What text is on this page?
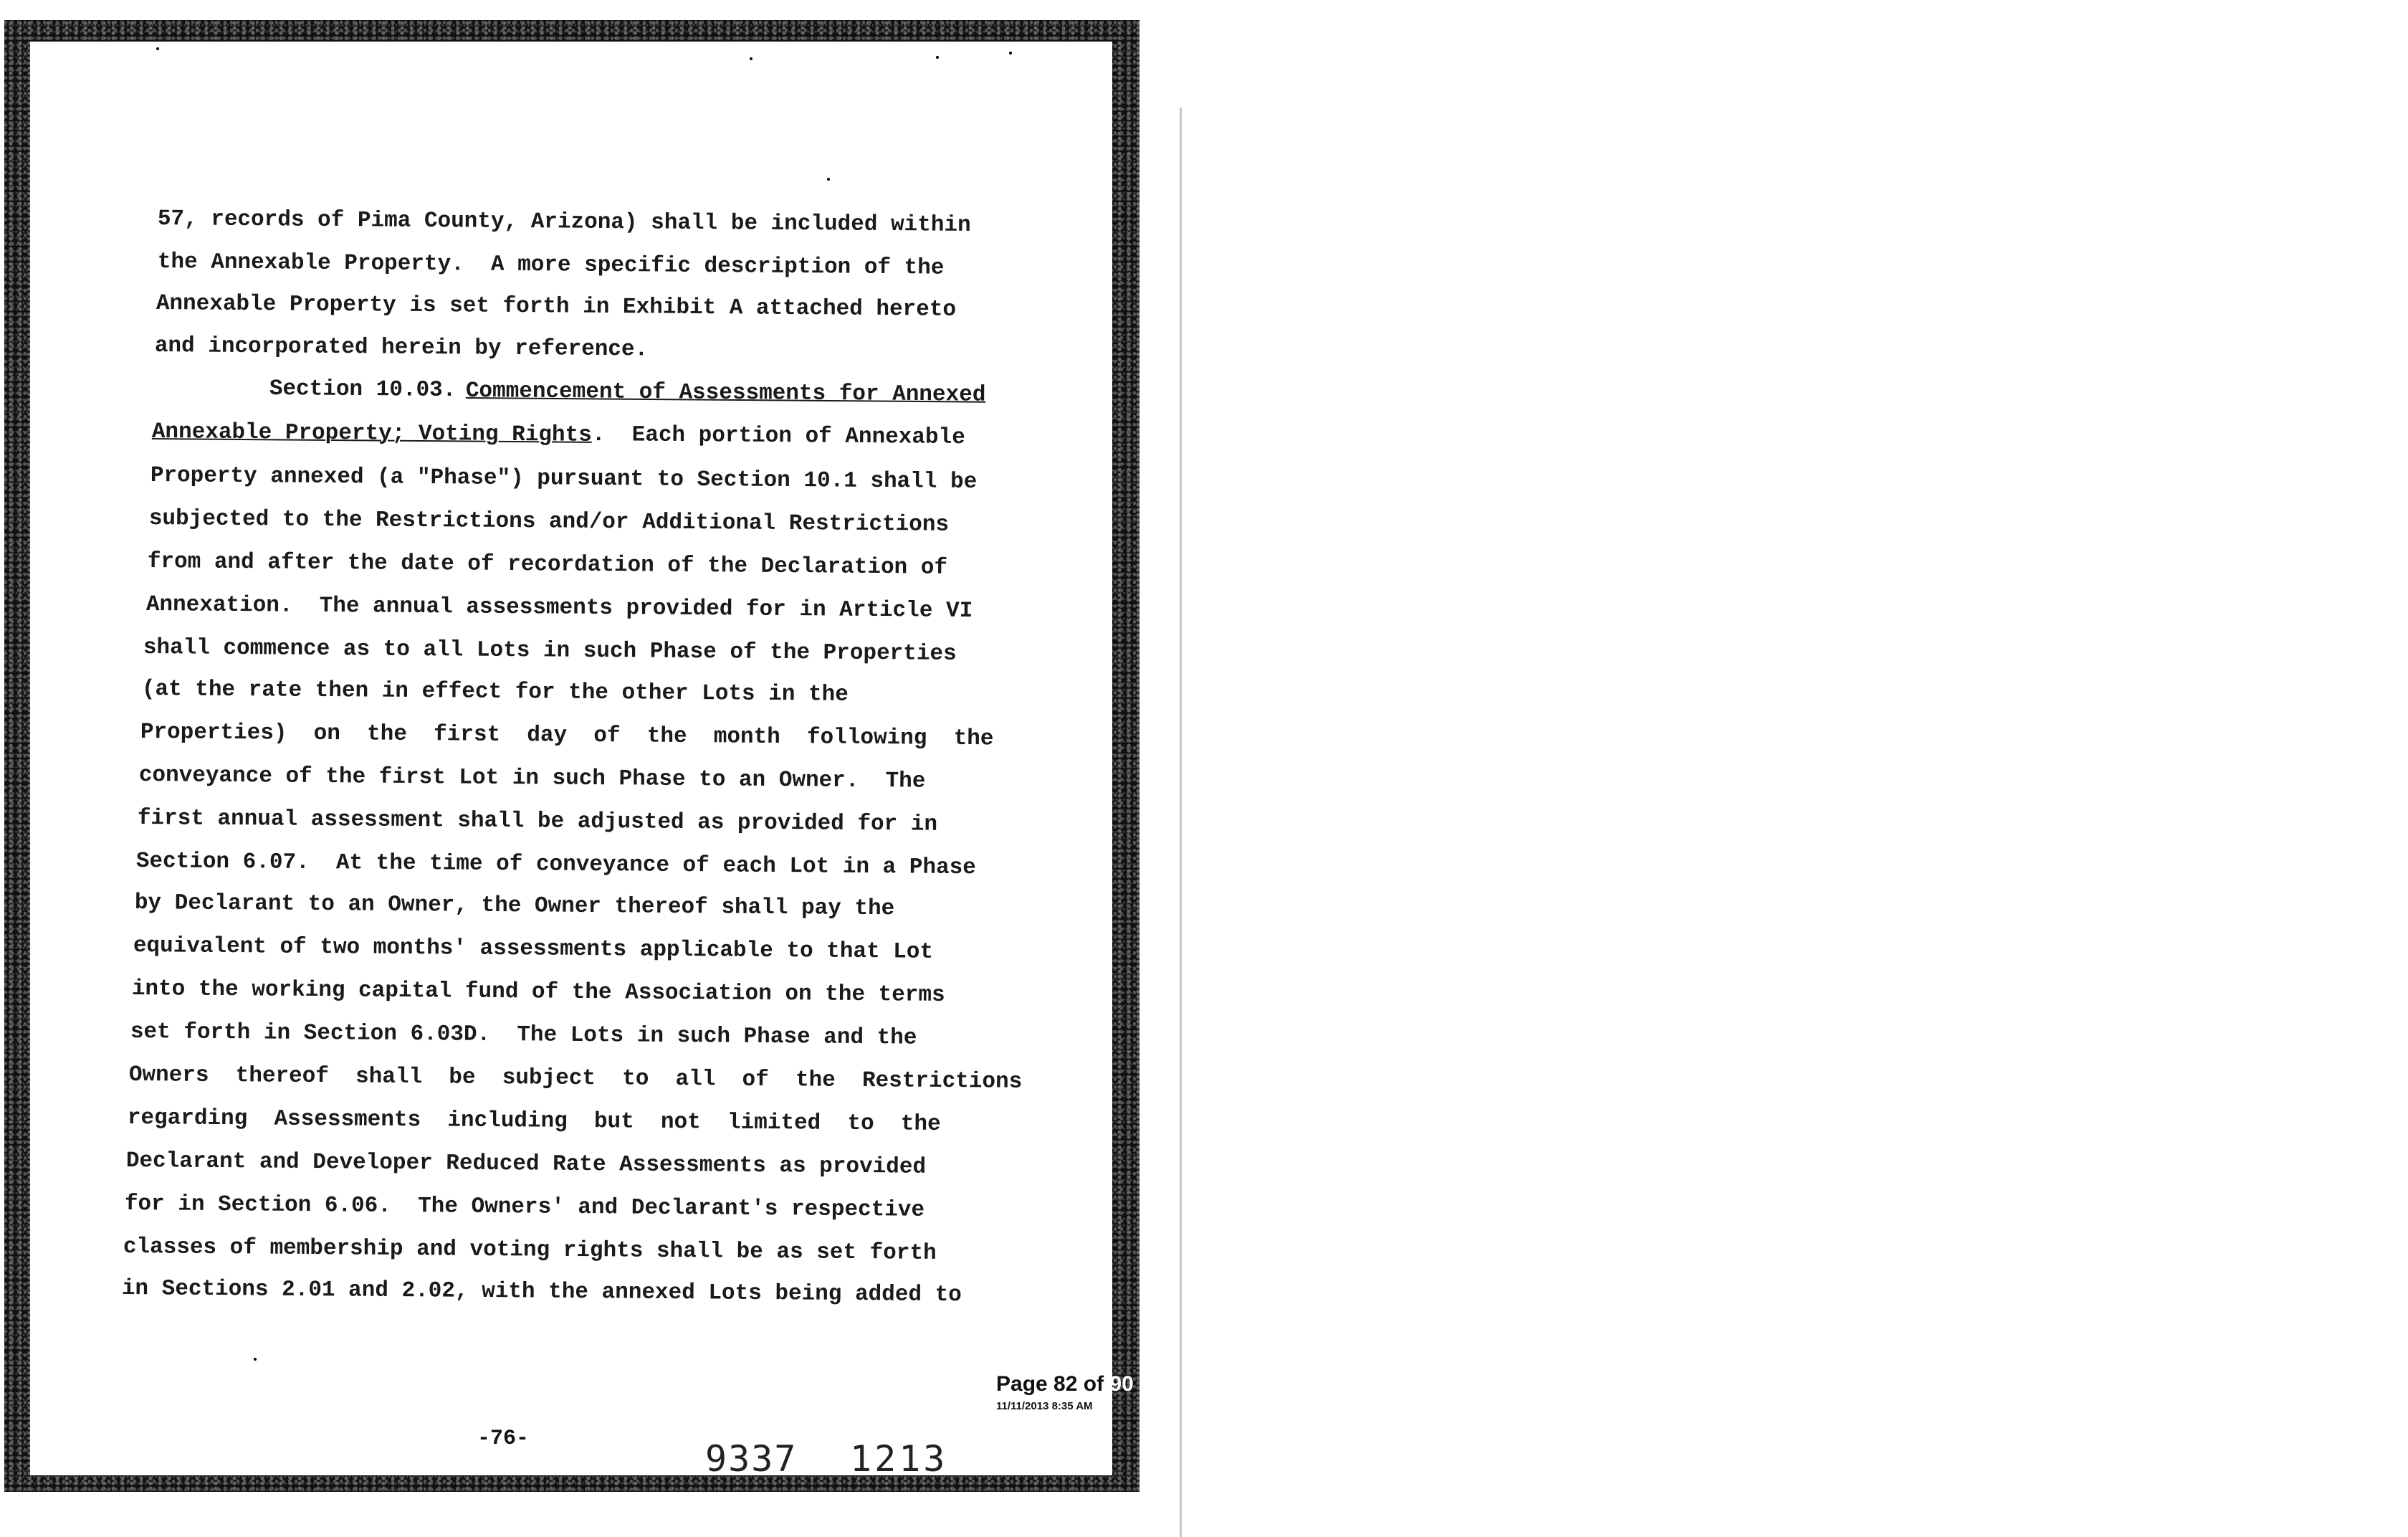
57, records of Pima County, Arizona) shall be included within
the Annexable Property.  A more specific description of the
Annexable Property is set forth in Exhibit A attached hereto
and incorporated herein by reference.
Section 10.03. Commencement of Assessments for Annexed
Annexable Property; Voting Rights .  Each portion of Annexable
Property annexed (a "Phase") pursuant to Section 10.1 shall be
subjected to the Restrictions and/or Additional Restrictions
from and after the date of recordation of the Declaration of
Annexation.  The annual assessments provided for in Article VI
shall commence as to all Lots in such Phase of the Properties
(at the rate then in effect for the other Lots in the
Properties)  on  the  first  day  of  the  month  following  the
conveyance of the first Lot in such Phase to an Owner.  The
first annual assessment shall be adjusted as provided for in
Section 6.07.  At the time of conveyance of each Lot in a Phase
by Declarant to an Owner, the Owner thereof shall pay the
equivalent of two months' assessments applicable to that Lot
into the working capital fund of the Association on the terms
set forth in Section 6.03D.  The Lots in such Phase and the
Owners  thereof  shall  be  subject  to  all  of  the  Restrictions
regarding  Assessments  including  but  not  limited  to  the
Declarant and Developer Reduced Rate Assessments as provided
for in Section 6.06.  The Owners' and Declarant's respective
classes of membership and voting rights shall be as set forth
in Sections 2.01 and 2.02, with the annexed Lots being added to
Page 82 of 90
11/11/2013 8:35 AM
-76-	9337 1213
